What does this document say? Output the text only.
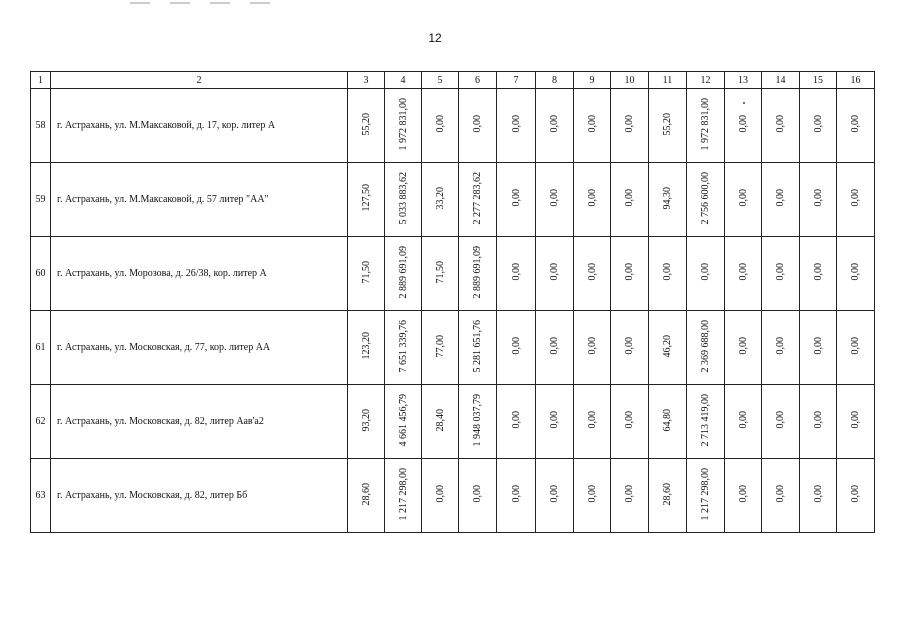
12
1	2	3	4	5	6	7	8	9	10	11	12	13	14	15	16
58	г. Астрахань, ул. М.Максаковой, д. 17, кор. литер А	55,20	1 972 831,00	0,00	0,00	0,00	0,00	0,00	0,00	55,20	1 972 831,00	0,00	0,00	0,00	0,00
59	г. Астрахань, ул. М.Максаковой, д. 57 литер "АА"	127,50	5 033 883,62	33,20	2 277 283,62	0,00	0,00	0,00	0,00	94,30	2 756 600,00	0,00	0,00	0,00	0,00
60	г. Астрахань, ул. Морозова, д. 26/38, кор. литер А	71,50	2 889 691,09	71,50	2 889 691,09	0,00	0,00	0,00	0,00	0,00	0,00	0,00	0,00	0,00	0,00
61	г. Астрахань, ул. Московская, д. 77, кор. литер АА	123,20	7 651 339,76	77,00	5 281 651,76	0,00	0,00	0,00	0,00	46,20	2 369 688,00	0,00	0,00	0,00	0,00
62	г. Астрахань, ул. Московская, д. 82, литер Аав'а2	93,20	4 661 456,79	28,40	1 948 037,79	0,00	0,00	0,00	0,00	64,80	2 713 419,00	0,00	0,00	0,00	0,00
63	г. Астрахань, ул. Московская, д. 82, литер Бб	28,60	1 217 298,00	0,00	0,00	0,00	0,00	0,00	0,00	28,60	1 217 298,00	0,00	0,00	0,00	0,00
